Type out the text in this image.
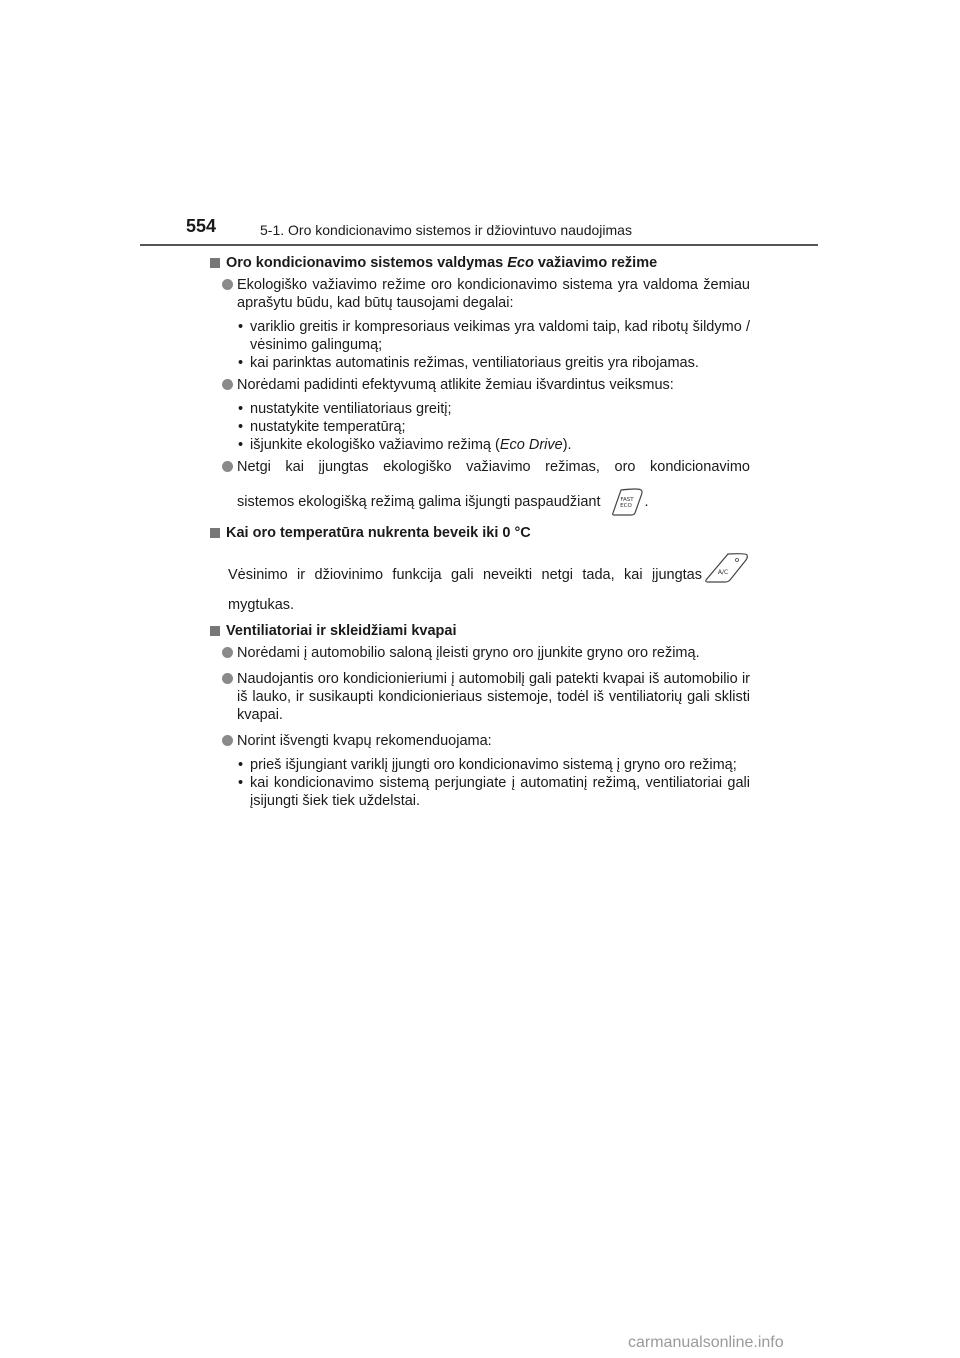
554	5-1. Oro kondicionavimo sistemos ir džiovintuvo naudojimas
Oro kondicionavimo sistemos valdymas Eco važiavimo režime
Ekologiško važiavimo režime oro kondicionavimo sistema yra valdoma žemiau aprašytu būdu, kad būtų tausojami degalai:
• variklio greitis ir kompresoriaus veikimas yra valdomi taip, kad ribotų šildymo / vėsinimo galingumą;
• kai parinktas automatinis režimas, ventiliatoriaus greitis yra ribojamas.
Norėdami padidinti efektyvumą atlikite žemiau išvardintus veiksmus:
• nustatykite ventiliatoriaus greitį;
• nustatykite temperatūrą;
• išjunkite ekologiško važiavimo režimą (Eco Drive).
Netgi kai įjungtas ekologiško važiavimo režimas, oro kondicionavimo
sistemos ekologišką režimą galima išjungti paspaudžiant	FAST
ECO .
Kai oro temperatūra nukrenta beveik iki 0 °C
Vėsinimo ir džiovinimo funkcija gali neveikti netgi tada, kai įjungtas	A/C
mygtukas.
Ventiliatoriai ir skleidžiami kvapai
Norėdami į automobilio saloną įleisti gryno oro įjunkite gryno oro režimą.
Naudojantis oro kondicionieriumi į automobilį gali patekti kvapai iš automobilio ir iš lauko, ir susikaupti kondicionieriaus sistemoje, todėl iš ventiliatorių gali sklisti kvapai.
Norint išvengti kvapų rekomenduojama:
• prieš išjungiant variklį įjungti oro kondicionavimo sistemą į gryno oro režimą;
• kai kondicionavimo sistemą perjungiate į automatinį režimą, ventiliatoriai gali įsijungti šiek tiek uždelstai.
carmanualsonline.info
